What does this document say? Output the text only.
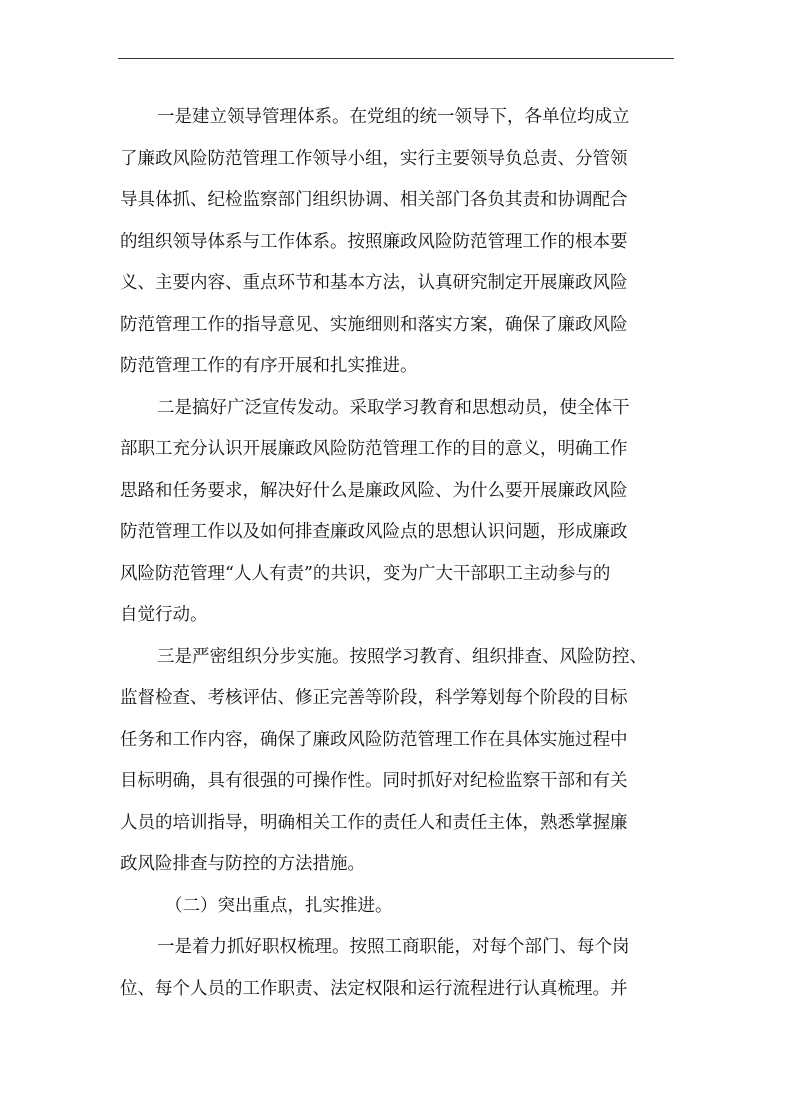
一是建立领导管理体系。在党组的统一领导下，各单位均成立
了廉政风险防范管理工作领导小组，实行主要领导负总责、分管领
导具体抓、纪检监察部门组织协调、相关部门各负其责和协调配合
的组织领导体系与工作体系。按照廉政风险防范管理工作的根本要
义、主要内容、重点环节和基本方法，认真研究制定开展廉政风险
防范管理工作的指导意见、实施细则和落实方案，确保了廉政风险
防范管理工作的有序开展和扎实推进。
二是搞好广泛宣传发动。采取学习教育和思想动员，使全体干
部职工充分认识开展廉政风险防范管理工作的目的意义，明确工作
思路和任务要求，解决好什么是廉政风险、为什么要开展廉政风险
防范管理工作以及如何排查廉政风险点的思想认识问题，形成廉政
风险防范管理“人人有责”的共识，变为广大干部职工主动参与的
自觉行动。
三是严密组织分步实施。按照学习教育、组织排查、风险防控、
监督检查、考核评估、修正完善等阶段，科学筹划每个阶段的目标
任务和工作内容，确保了廉政风险防范管理工作在具体实施过程中
目标明确，具有很强的可操作性。同时抓好对纪检监察干部和有关
人员的培训指导，明确相关工作的责任人和责任主体，熟悉掌握廉
政风险排查与防控的方法措施。
（二）突出重点，扎实推进。
一是着力抓好职权梳理。按照工商职能，对每个部门、每个岗
位、每个人员的工作职责、法定权限和运行流程进行认真梳理。并
